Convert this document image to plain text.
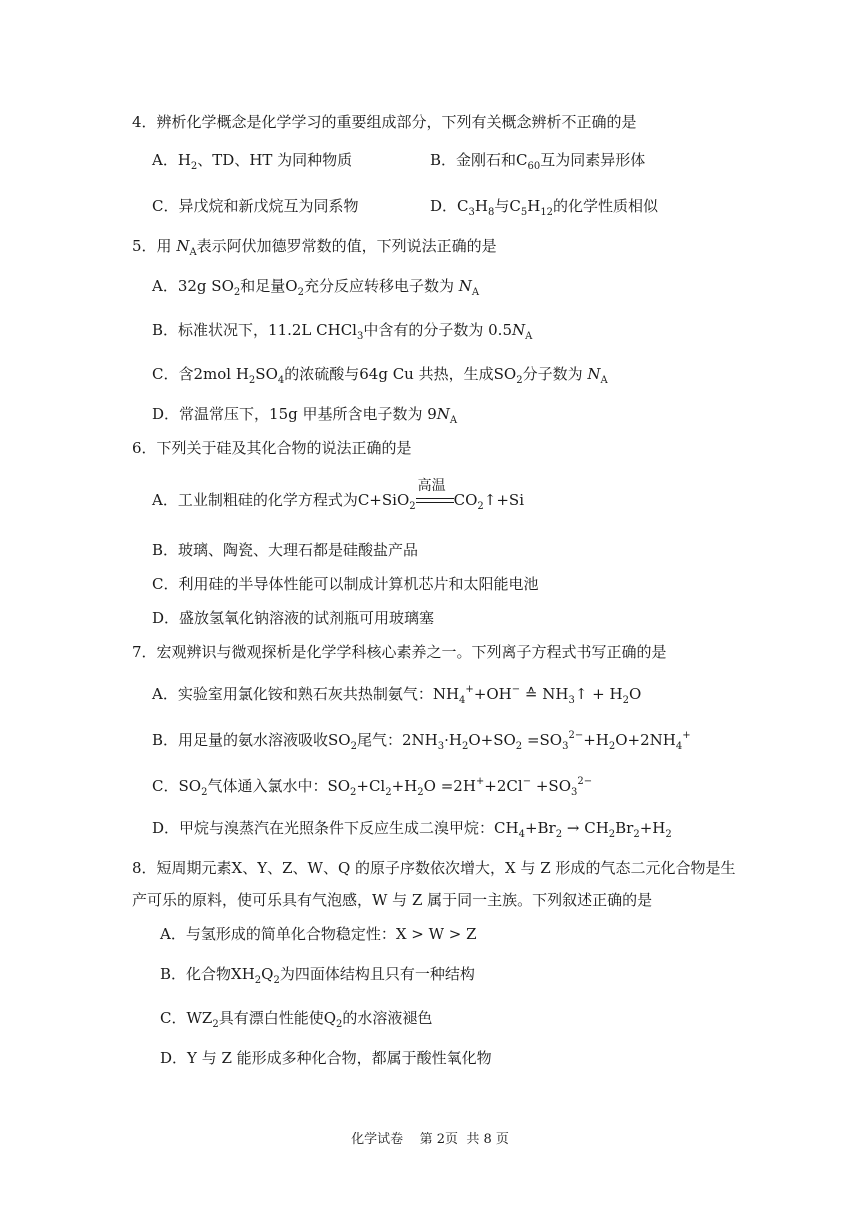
4．辨析化学概念是化学学习的重要组成部分，下列有关概念辨析不正确的是
A．$H_2$、TD、HT 为同种物质	B．金刚石和$C_{60}$互为同素异形体
C．异戊烷和新戊烷互为同系物	D．$C_3H_8$与$C_5H_{12}$的化学性质相似
5．用 $N_A$表示阿伏加德罗常数的值，下列说法正确的是
A．32g $SO_2$和足量$O_2$充分反应转移电子数为 $N_A$
B．标准状况下，11.2L CHCl$_3$中含有的分子数为 $0.5N_A$
C．含2mol $H_2SO_4$的浓硫酸与64g Cu 共热，生成$SO_2$分子数为 $N_A$
D．常温常压下，15g 甲基所含电子数为 $9N_A$
6．下列关于硅及其化合物的说法正确的是
A．工业制粗硅的化学方程式为C+SiO$_2$
高温
$CO_2↑+Si$
B．玻璃、陶瓷、大理石都是硅酸盐产品
C．利用硅的半导体性能可以制成计算机芯片和太阳能电池
D．盛放氢氧化钠溶液的试剂瓶可用玻璃塞
7．宏观辨识与微观探析是化学学科核心素养之一。下列离子方程式书写正确的是
A．实验室用氯化铵和熟石灰共热制氨气：$NH_4^++OH^-$ ≙ $NH_3↑ + H_2O$
B．用足量的氨水溶液吸收$SO_2$尾气：$2NH_3\cdot H_2O+SO_2 =SO_3^{2-}+H_2O+2NH_4^+$
C．$SO_2$气体通入氯水中：$SO_2+Cl_2+H_2O =2H^++2Cl^- +SO_3^{2-}$
D．甲烷与溴蒸汽在光照条件下反应生成二溴甲烷：$CH_4+Br_2 \to CH_2Br_2+H_2$
8．短周期元素X、Y、Z、W、Q 的原子序数依次增大，X 与 Z 形成的气态二元化合物是生
产可乐的原料，使可乐具有气泡感，W 与 Z 属于同一主族。下列叙述正确的是
A．与氢形成的简单化合物稳定性：X > W > Z
B．化合物$XH_2Q_2$为四面体结构且只有一种结构
C．$WZ_2$具有漂白性能使$Q_2$的水溶液褪色
D．Y 与 Z 能形成多种化合物，都属于酸性氧化物
化学试卷    第 2页  共 8 页
